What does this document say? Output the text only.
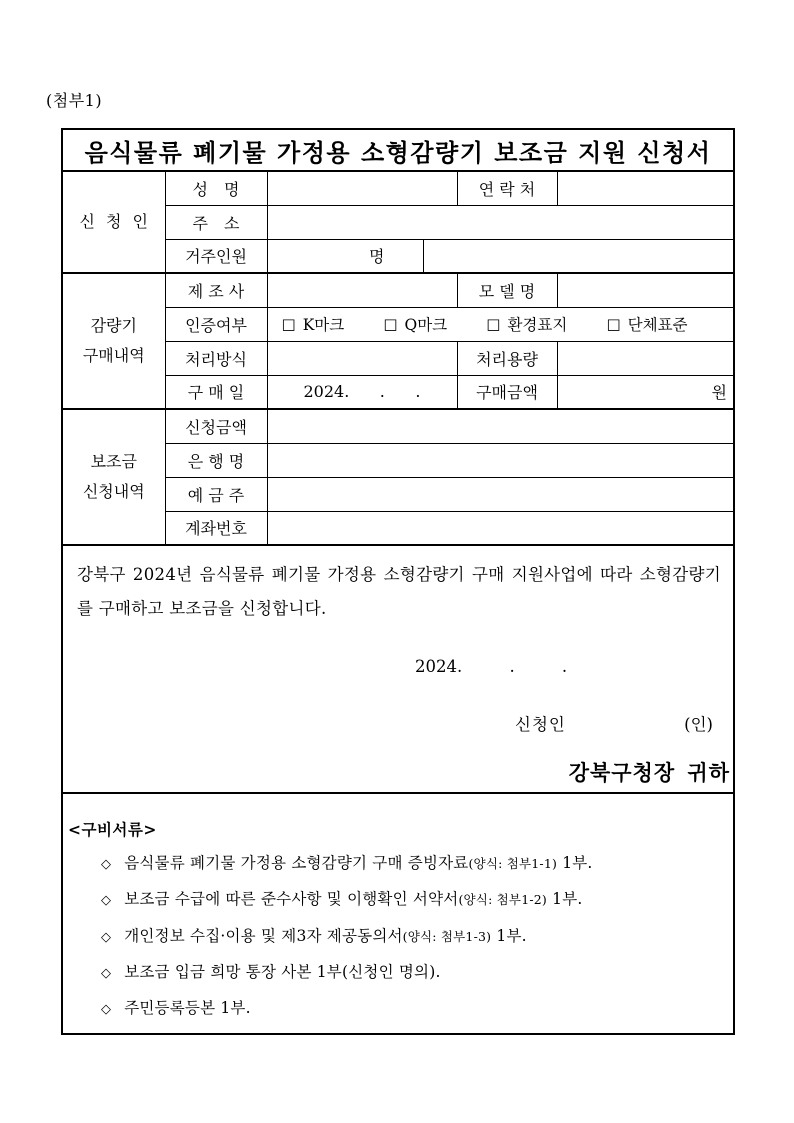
(첨부1)
음식물류 폐기물 가정용 소형감량기 보조금 지원 신청서					
신 청 인	성　명			연 락 처	
	주　소				
	거주인원	명			

감량기
구매내역	제 조 사			모 델 명	
	인증여부	□ K마크 □ Q마크 □ 환경표지 □ 단체표준			
	처리방식			처리용량	
	구 매 일	2024.      .      .		구매금액	원

보조금
신청내역	신청금액				
	은 행 명				
	예 금 주				
	계좌번호				

강북구 2024년 음식물류 폐기물 가정용 소형감량기 구매 지원사업에 따라 소형감량기를 구매하고 보조금을 신청합니다.
2024.         .         .
신청인 (인)
강북구청장 귀하					

<구비서류>
◇ 음식물류 폐기물 가정용 소형감량기 구매 증빙자료(양식: 첨부1-1) 1부.
◇ 보조금 수급에 따른 준수사항 및 이행확인 서약서(양식: 첨부1-2) 1부.
◇ 개인정보 수집·이용 및 제3자 제공동의서(양식: 첨부1-3) 1부.
◇ 보조금 입금 희망 통장 사본 1부(신청인 명의).
◇ 주민등록등본 1부.
